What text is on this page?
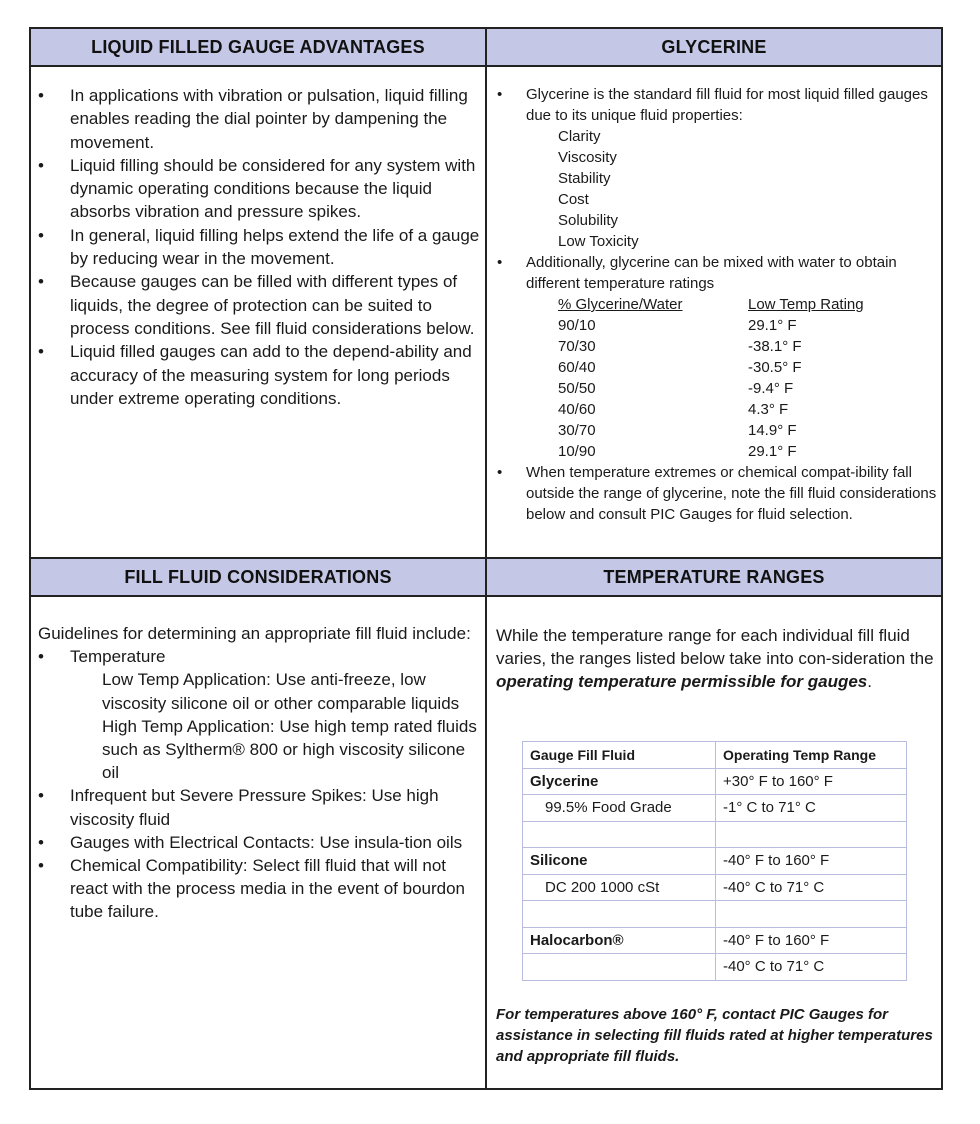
LIQUID FILLED GAUGE ADVANTAGES	GLYCERINE
FILL FLUID CONSIDERATIONS	TEMPERATURE RANGES
• In applications with vibration or pulsation, liquid filling enables reading the dial pointer by dampening the movement.
• Liquid filling should be considered for any system with dynamic operating conditions because the liquid absorbs vibration and pressure spikes.
• In general, liquid filling helps extend the life of a gauge by reducing wear in the movement.
• Because gauges can be filled with different types of liquids, the degree of protection can be suited to process conditions. See fill fluid considerations below.
• Liquid filled gauges can add to the depend-ability and accuracy of the measuring system for long periods under extreme operating conditions.
• Glycerine is the standard fill fluid for most liquid filled gauges due to its unique fluid properties:
Clarity
Viscosity
Stability
Cost
Solubility
Low Toxicity
• Additionally, glycerine can be mixed with water to obtain different temperature ratings
% Glycerine/Water	Low Temp Rating
90/10	29.1° F
70/30	-38.1° F
60/40	-30.5° F
50/50	-9.4° F
40/60	4.3° F
30/70	14.9° F
10/90	29.1° F
• When temperature extremes or chemical compat-ibility fall outside the range of glycerine, note the fill fluid considerations below and consult PIC Gauges for fluid selection.
Guidelines for determining an appropriate fill fluid include:
• Temperature
Low Temp Application: Use anti-freeze, low viscosity silicone oil or other comparable liquids
High Temp Application: Use high temp rated fluids such as Syltherm® 800 or high viscosity silicone oil
• Infrequent but Severe Pressure Spikes: Use high viscosity fluid
• Gauges with Electrical Contacts: Use insula-tion oils
• Chemical Compatibility: Select fill fluid that will not react with the process media in the event of bourdon tube failure.
While the temperature range for each individual fill fluid varies, the ranges listed below take into con-sideration the operating temperature permissible for gauges.
Gauge Fill Fluid	Operating Temp Range
Glycerine	+30° F to 160° F
99.5% Food Grade	-1° C to 71° C

Silicone	-40° F to 160° F
DC 200 1000 cSt	-40° C to 71° C

Halocarbon®	-40° F to 160° F
	-40° C to 71° C
For temperatures above 160° F, contact PIC Gauges for assistance in selecting fill fluids rated at higher temperatures and appropriate fill fluids.
